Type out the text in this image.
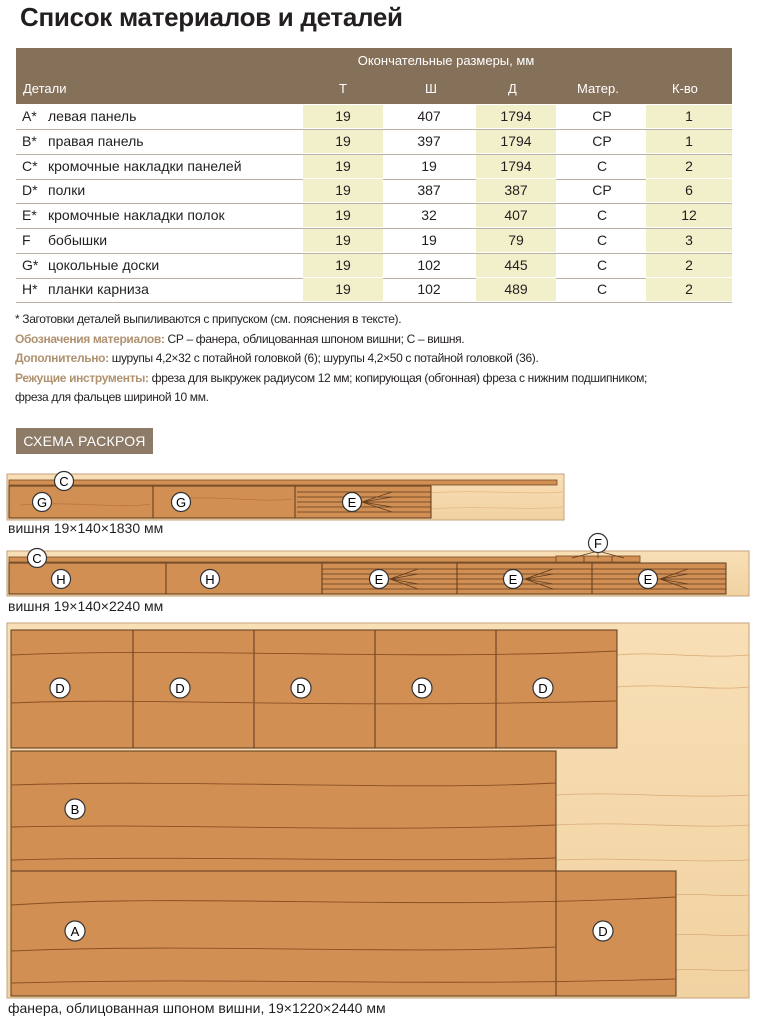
Список материалов и деталей
Окончательные размеры, мм
Детали	Т	Ш	Д	Матер.	К-во
A* левая панель	19	407	1794	СР	1
B* правая панель	19	397	1794	СР	1
C* кромочные накладки панелей	19	19	1794	С	2
D* полки	19	387	387	СР	6
E* кромочные накладки полок	19	32	407	С	12
F бобышки	19	19	79	С	3
G* цокольные доски	19	102	445	С	2
H* планки карниза	19	102	489	С	2

* Заготовки деталей выпиливаются с припуском (см. пояснения в тексте).

Обозначения материалов: СР – фанера, облицованная шпоном вишни; С – вишня.

Дополнительно: шурупы 4,2×32 с потайной головкой (6); шурупы 4,2×50 с потайной головкой (36).

Режущие инструменты: фреза для выкружек радиусом 12 мм; копирующая (обгонная) фреза с нижним подшипником;

фреза для фальцев шириной 10 мм.

СХЕМА РАСКРОЯ
C
G	G	E
C
F
H	H	E	E	E
D	D	D	D	D
B
A	D
вишня 19×140×1830 мм
вишня 19×140×2240 мм
фанера, облицованная шпоном вишни, 19×1220×2440 мм
